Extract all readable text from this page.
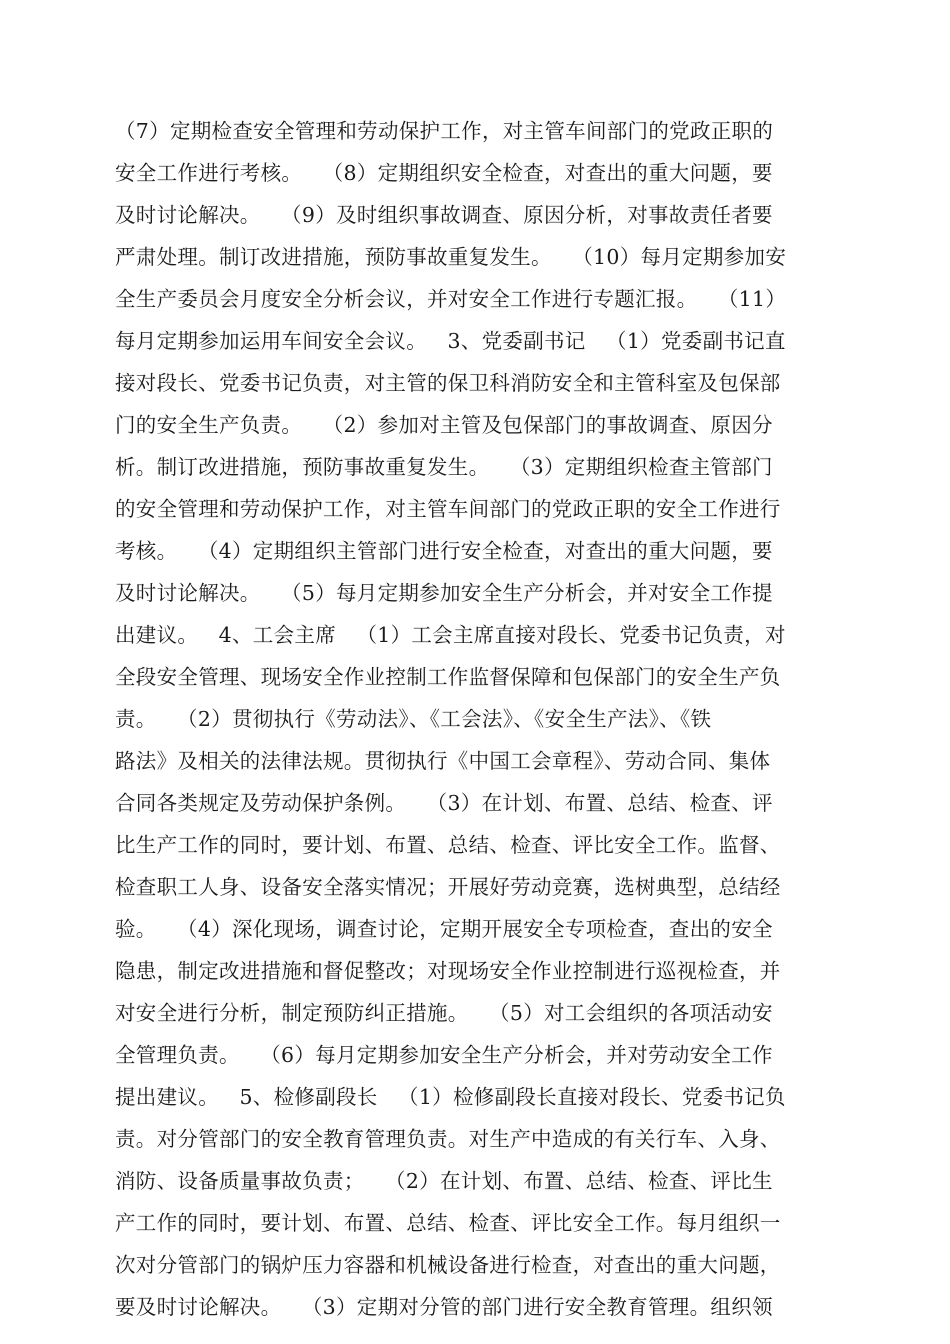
（7）定期检查安全管理和劳动保护工作，对主管车间部门的党政正职的
安全工作进行考核。   （8）定期组织安全检查，对查出的重大问题，要
及时讨论解决。   （9）及时组织事故调查、原因分析，对事故责任者要
严肃处理。制订改进措施，预防事故重复发生。   （10）每月定期参加安
全生产委员会月度安全分析会议，并对安全工作进行专题汇报。   （11）
每月定期参加运用车间安全会议。   3、党委副书记   （1）党委副书记直
接对段长、党委书记负责，对主管的保卫科消防安全和主管科室及包保部
门的安全生产负责。   （2）参加对主管及包保部门的事故调查、原因分
析。制订改进措施，预防事故重复发生。   （3）定期组织检查主管部门
的安全管理和劳动保护工作，对主管车间部门的党政正职的安全工作进行
考核。   （4）定期组织主管部门进行安全检查，对查出的重大问题，要
及时讨论解决。   （5）每月定期参加安全生产分析会，并对安全工作提
出建议。   4、工会主席   （1）工会主席直接对段长、党委书记负责，对
全段安全管理、现场安全作业控制工作监督保障和包保部门的安全生产负
责。   （2）贯彻执行《劳动法》、《工会法》、《安全生产法》、《铁
路法》及相关的法律法规。贯彻执行《中国工会章程》、劳动合同、集体
合同各类规定及劳动保护条例。   （3）在计划、布置、总结、检查、评
比生产工作的同时，要计划、布置、总结、检查、评比安全工作。监督、
检查职工人身、设备安全落实情况；开展好劳动竞赛，选树典型，总结经
验。   （4）深化现场，调查讨论，定期开展安全专项检查，查出的安全
隐患，制定改进措施和督促整改；对现场安全作业控制进行巡视检查，并
对安全进行分析，制定预防纠正措施。   （5）对工会组织的各项活动安
全管理负责。   （6）每月定期参加安全生产分析会，并对劳动安全工作
提出建议。   5、检修副段长   （1）检修副段长直接对段长、党委书记负
责。对分管部门的安全教育管理负责。对生产中造成的有关行车、入身、
消防、设备质量事故负责；   （2）在计划、布置、总结、检查、评比生
产工作的同时，要计划、布置、总结、检查、评比安全工作。每月组织一
次对分管部门的锅炉压力容器和机械设备进行检查，对查出的重大问题，
要及时讨论解决。   （3）定期对分管的部门进行安全教育管理。组织领
